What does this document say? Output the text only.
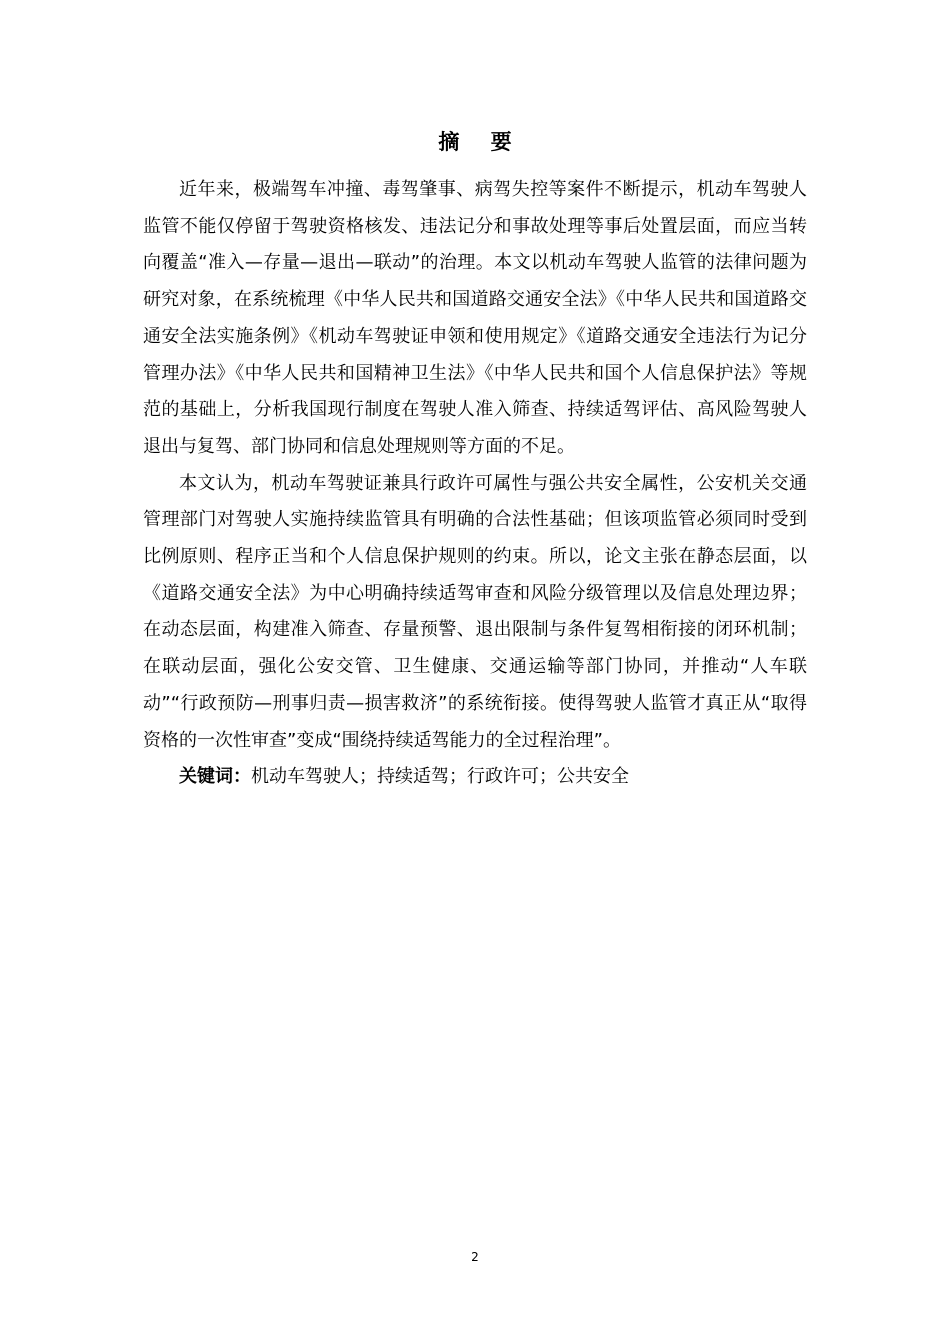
摘 要

近年来，极端驾车冲撞、毒驾肇事、病驾失控等案件不断提示，机动车驾驶人监管不能仅停留于驾驶资格核发、违法记分和事故处理等事后处置层面，而应当转向覆盖“准入—存量—退出—联动”的治理。本文以机动车驾驶人监管的法律问题为研究对象，在系统梳理《中华人民共和国道路交通安全法》《中华人民共和国道路交通安全法实施条例》《机动车驾驶证申领和使用规定》《道路交通安全违法行为记分管理办法》《中华人民共和国精神卫生法》《中华人民共和国个人信息保护法》等规范的基础上，分析我国现行制度在驾驶人准入筛查、持续适驾评估、高风险驾驶人退出与复驾、部门协同和信息处理规则等方面的不足。

本文认为，机动车驾驶证兼具行政许可属性与强公共安全属性，公安机关交通管理部门对驾驶人实施持续监管具有明确的合法性基础；但该项监管必须同时受到比例原则、程序正当和个人信息保护规则的约束。所以，论文主张在静态层面，以《道路交通安全法》为中心明确持续适驾审查和风险分级管理以及信息处理边界；在动态层面，构建准入筛查、存量预警、退出限制与条件复驾相衔接的闭环机制；在联动层面，强化公安交管、卫生健康、交通运输等部门协同，并推动“人车联动”“行政预防—刑事归责—损害救济”的系统衔接。使得驾驶人监管才真正从“取得资格的一次性审查”变成“围绕持续适驾能力的全过程治理”。

关键词：机动车驾驶人；持续适驾；行政许可；公共安全

2
